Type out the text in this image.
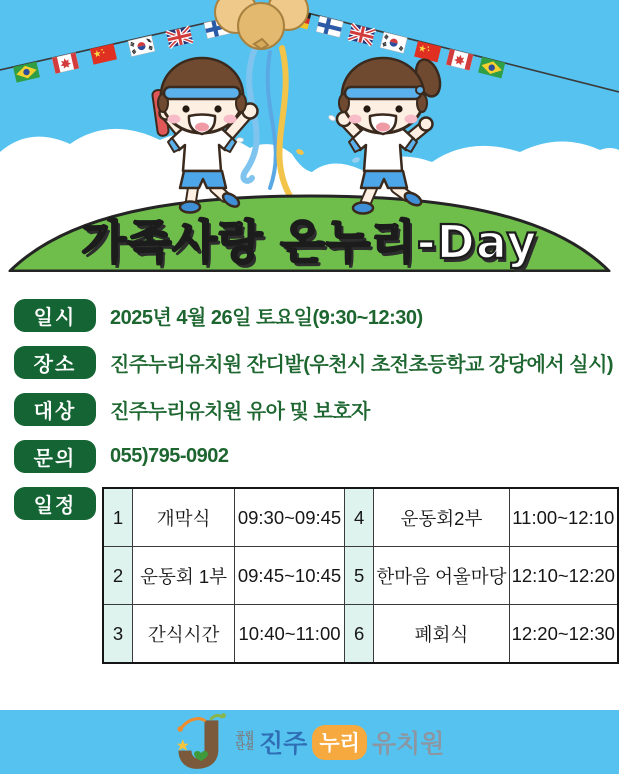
가족사랑 온누리-Day
일시	2025년 4월 26일 토요일(9:30~12:30)
장소	진주누리유치원 잔디밭(우천시 초전초등학교 강당에서 실시)
대상	진주누리유치원 유아 및 보호자
문의	055)795-0902
일정	1	개막식	09:30~09:45	4	운동회2부	11:00~12:10
2	운동회 1부	09:45~10:45	5	한마음 어울마당	12:10~12:20
3	간식시간	10:40~11:00	6	폐회식	12:20~12:30
공립
단설 진주 누리 유치원
